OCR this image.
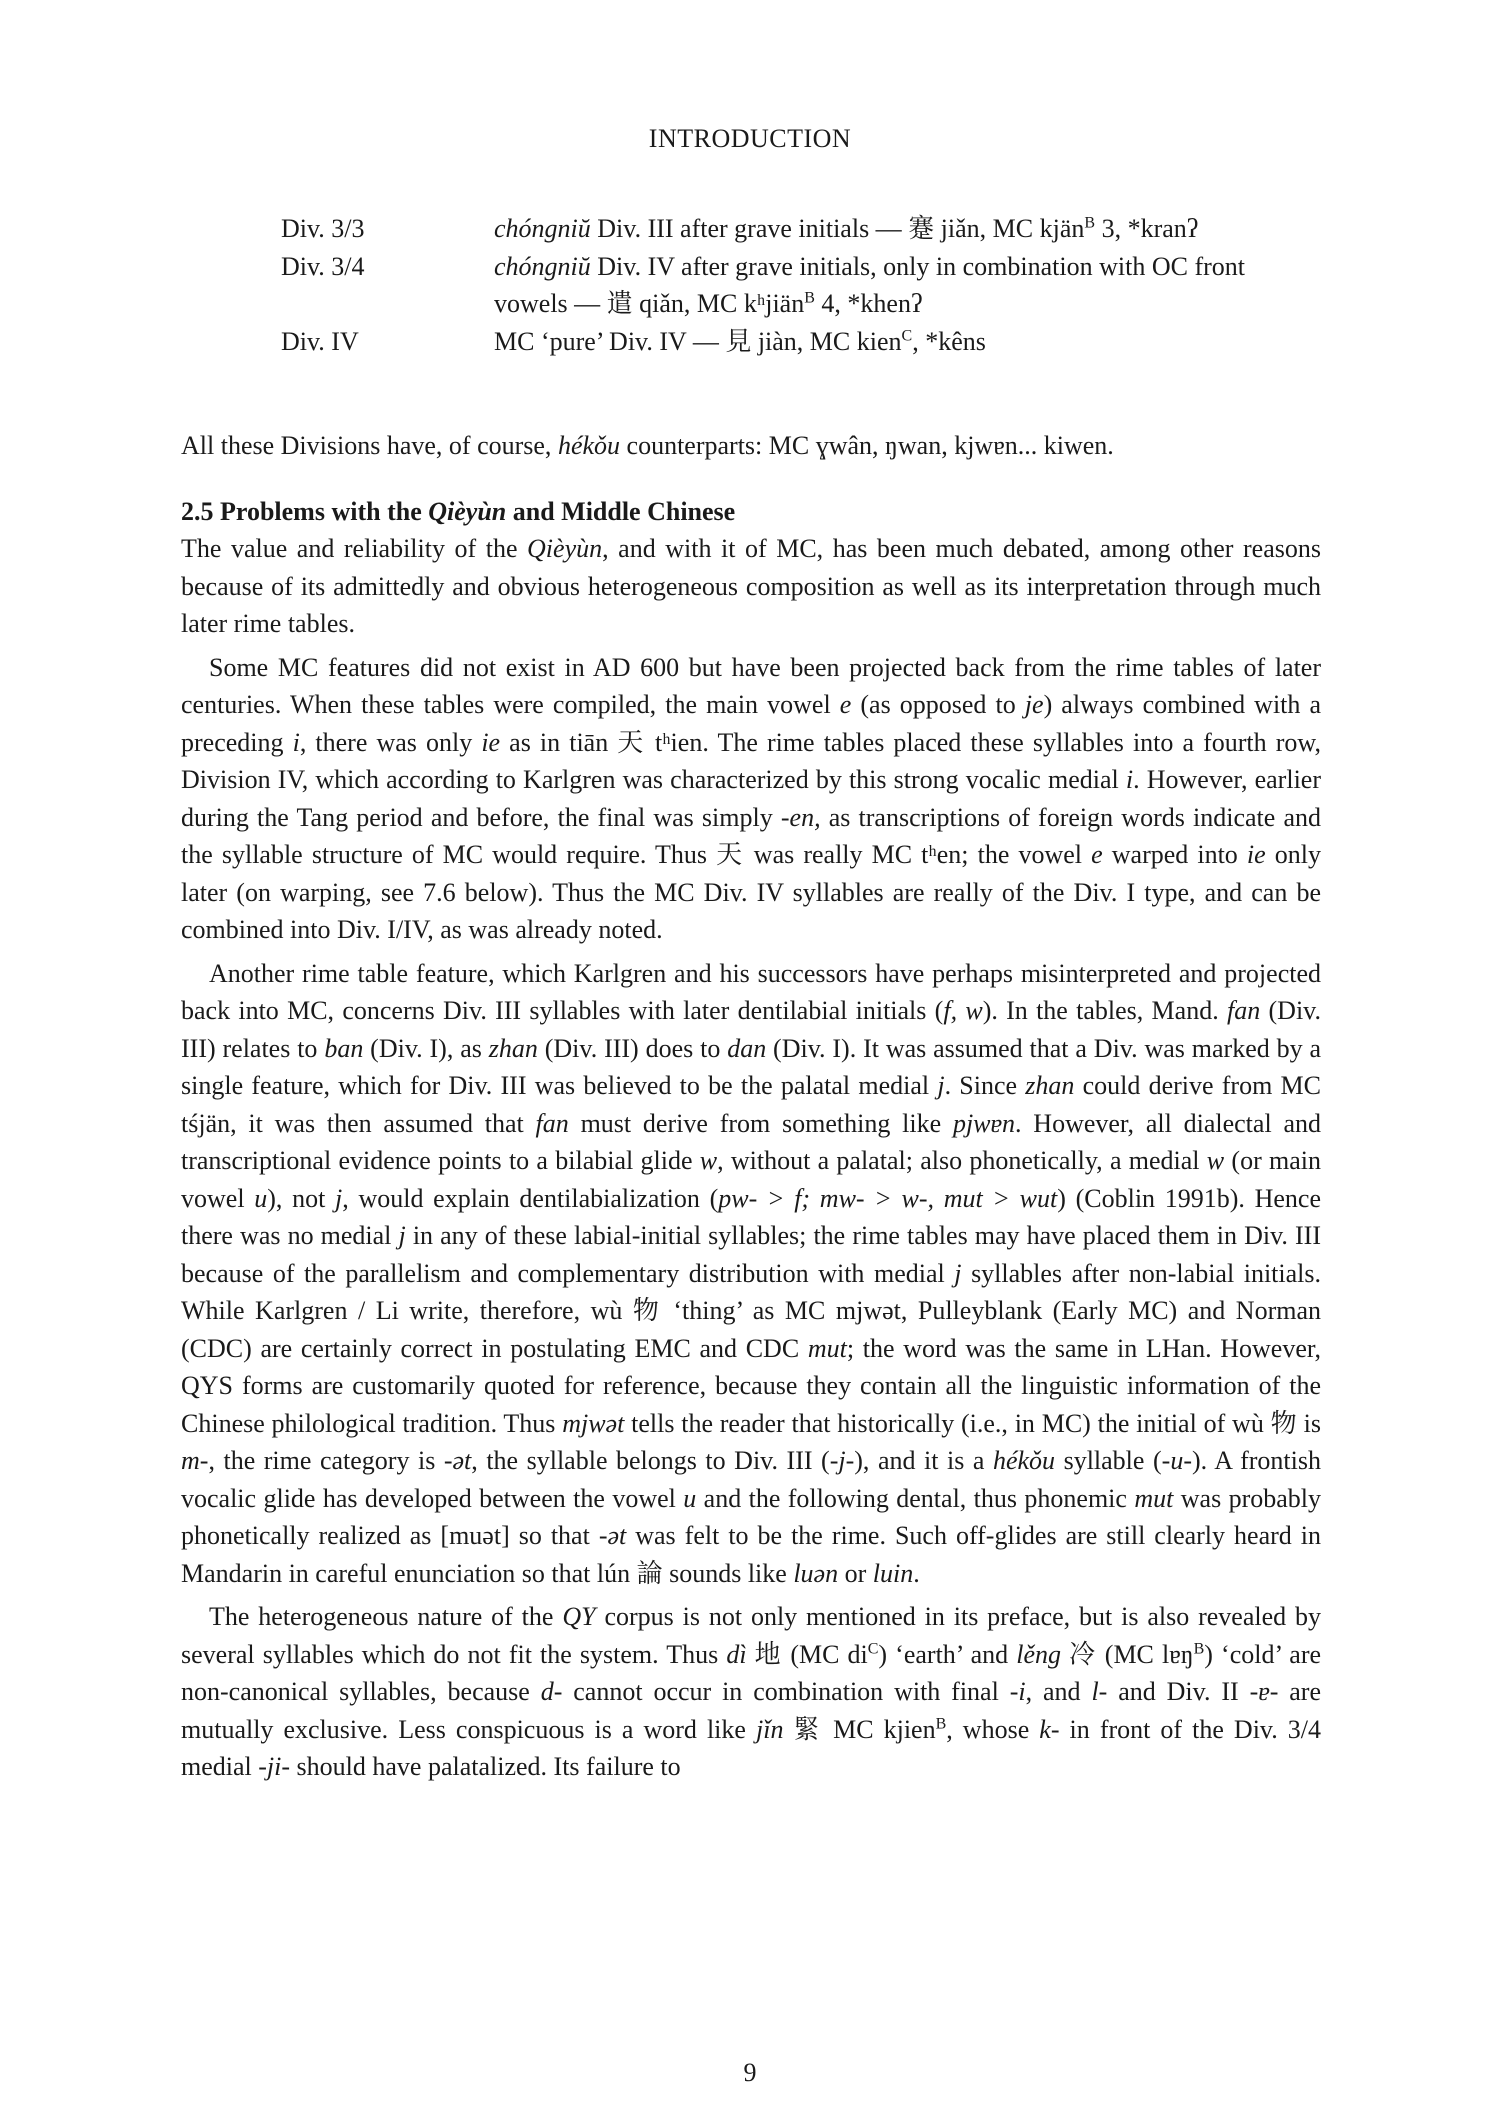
INTRODUCTION
Div. 3/3	chóngniŭ Div. III after grave initials — 蹇 jiǎn, MC kjän$^B$ 3, *kranʔ
Div. 3/4	chóngniŭ Div. IV after grave initials, only in combination with OC front vowels — 遣 qiǎn, MC kʰjiän$^B$ 4, *khenʔ
Div. IV	MC ‘pure’ Div. IV — 見 jiàn, MC kien$^C$, *kêns
All these Divisions have, of course, hékǒu counterparts: MC ɣwân, ŋwan, kjwɐn... kiwen.
2.5 Problems with the Qièyùn and Middle Chinese

The value and reliability of the Qièyùn, and with it of MC, has been much debated, among other reasons because of its admittedly and obvious heterogeneous composition as well as its interpretation through much later rime tables.

Some MC features did not exist in AD 600 but have been projected back from the rime tables of later centuries. When these tables were compiled, the main vowel e (as opposed to je) always combined with a preceding i, there was only ie as in tiān 天 tʰien. The rime tables placed these syllables into a fourth row, Division IV, which according to Karlgren was characterized by this strong vocalic medial i. However, earlier during the Tang period and before, the final was simply -en, as transcriptions of foreign words indicate and the syllable structure of MC would require. Thus 天 was really MC tʰen; the vowel e warped into ie only later (on warping, see 7.6 below). Thus the MC Div. IV syllables are really of the Div. I type, and can be combined into Div. I/IV, as was already noted.

Another rime table feature, which Karlgren and his successors have perhaps misinterpreted and projected back into MC, concerns Div. III syllables with later dentilabial initials (f, w). In the tables, Mand. fan (Div. III) relates to ban (Div. I), as zhan (Div. III) does to dan (Div. I). It was assumed that a Div. was marked by a single feature, which for Div. III was believed to be the palatal medial j. Since zhan could derive from MC tśjän, it was then assumed that fan must derive from something like pjwɐn. However, all dialectal and transcriptional evidence points to a bilabial glide w, without a palatal; also phonetically, a medial w (or main vowel u), not j, would explain dentilabialization (pw- > f; mw- > w-, mut > wut) (Coblin 1991b). Hence there was no medial j in any of these labial-initial syllables; the rime tables may have placed them in Div. III because of the parallelism and complementary distribution with medial j syllables after non-labial initials. While Karlgren / Li write, therefore, wù 物 ‘thing’ as MC mjwət, Pulleyblank (Early MC) and Norman (CDC) are certainly correct in postulating EMC and CDC mut; the word was the same in LHan. However, QYS forms are customarily quoted for reference, because they contain all the linguistic information of the Chinese philological tradition. Thus mjwət tells the reader that historically (i.e., in MC) the initial of wù 物 is m-, the rime category is -ət, the syllable belongs to Div. III (-j-), and it is a hékǒu syllable (-u-). A frontish vocalic glide has developed between the vowel u and the following dental, thus phonemic mut was probably phonetically realized as [muət] so that -ət was felt to be the rime. Such off-glides are still clearly heard in Mandarin in careful enunciation so that lún 論 sounds like luən or luin.

The heterogeneous nature of the QY corpus is not only mentioned in its preface, but is also revealed by several syllables which do not fit the system. Thus dì 地 (MC $di^C$) ‘earth’ and lěng 冷 (MC lɐŋ$^B$) ‘cold’ are non-canonical syllables, because d- cannot occur in combination with final -i, and l- and Div. II -ɐ- are mutually exclusive. Less conspicuous is a word like jǐn 緊 MC kjien$^B$, whose k- in front of the Div. 3/4 medial -ji- should have palatalized. Its failure to

9
